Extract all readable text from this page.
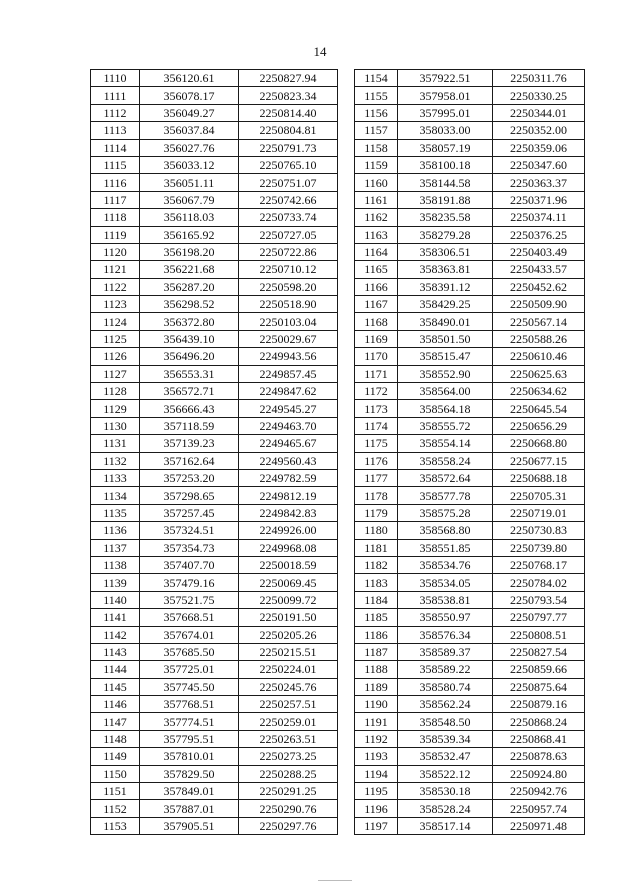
14
1110	356120.61	2250827.94
1111	356078.17	2250823.34
1112	356049.27	2250814.40
1113	356037.84	2250804.81
1114	356027.76	2250791.73
1115	356033.12	2250765.10
1116	356051.11	2250751.07
1117	356067.79	2250742.66
1118	356118.03	2250733.74
1119	356165.92	2250727.05
1120	356198.20	2250722.86
1121	356221.68	2250710.12
1122	356287.20	2250598.20
1123	356298.52	2250518.90
1124	356372.80	2250103.04
1125	356439.10	2250029.67
1126	356496.20	2249943.56
1127	356553.31	2249857.45
1128	356572.71	2249847.62
1129	356666.43	2249545.27
1130	357118.59	2249463.70
1131	357139.23	2249465.67
1132	357162.64	2249560.43
1133	357253.20	2249782.59
1134	357298.65	2249812.19
1135	357257.45	2249842.83
1136	357324.51	2249926.00
1137	357354.73	2249968.08
1138	357407.70	2250018.59
1139	357479.16	2250069.45
1140	357521.75	2250099.72
1141	357668.51	2250191.50
1142	357674.01	2250205.26
1143	357685.50	2250215.51
1144	357725.01	2250224.01
1145	357745.50	2250245.76
1146	357768.51	2250257.51
1147	357774.51	2250259.01
1148	357795.51	2250263.51
1149	357810.01	2250273.25
1150	357829.50	2250288.25
1151	357849.01	2250291.25
1152	357887.01	2250290.76
1153	357905.51	2250297.76
1154	357922.51	2250311.76
1155	357958.01	2250330.25
1156	357995.01	2250344.01
1157	358033.00	2250352.00
1158	358057.19	2250359.06
1159	358100.18	2250347.60
1160	358144.58	2250363.37
1161	358191.88	2250371.96
1162	358235.58	2250374.11
1163	358279.28	2250376.25
1164	358306.51	2250403.49
1165	358363.81	2250433.57
1166	358391.12	2250452.62
1167	358429.25	2250509.90
1168	358490.01	2250567.14
1169	358501.50	2250588.26
1170	358515.47	2250610.46
1171	358552.90	2250625.63
1172	358564.00	2250634.62
1173	358564.18	2250645.54
1174	358555.72	2250656.29
1175	358554.14	2250668.80
1176	358558.24	2250677.15
1177	358572.64	2250688.18
1178	358577.78	2250705.31
1179	358575.28	2250719.01
1180	358568.80	2250730.83
1181	358551.85	2250739.80
1182	358534.76	2250768.17
1183	358534.05	2250784.02
1184	358538.81	2250793.54
1185	358550.97	2250797.77
1186	358576.34	2250808.51
1187	358589.37	2250827.54
1188	358589.22	2250859.66
1189	358580.74	2250875.64
1190	358562.24	2250879.16
1191	358548.50	2250868.24
1192	358539.34	2250868.41
1193	358532.47	2250878.63
1194	358522.12	2250924.80
1195	358530.18	2250942.76
1196	358528.24	2250957.74
1197	358517.14	2250971.48
